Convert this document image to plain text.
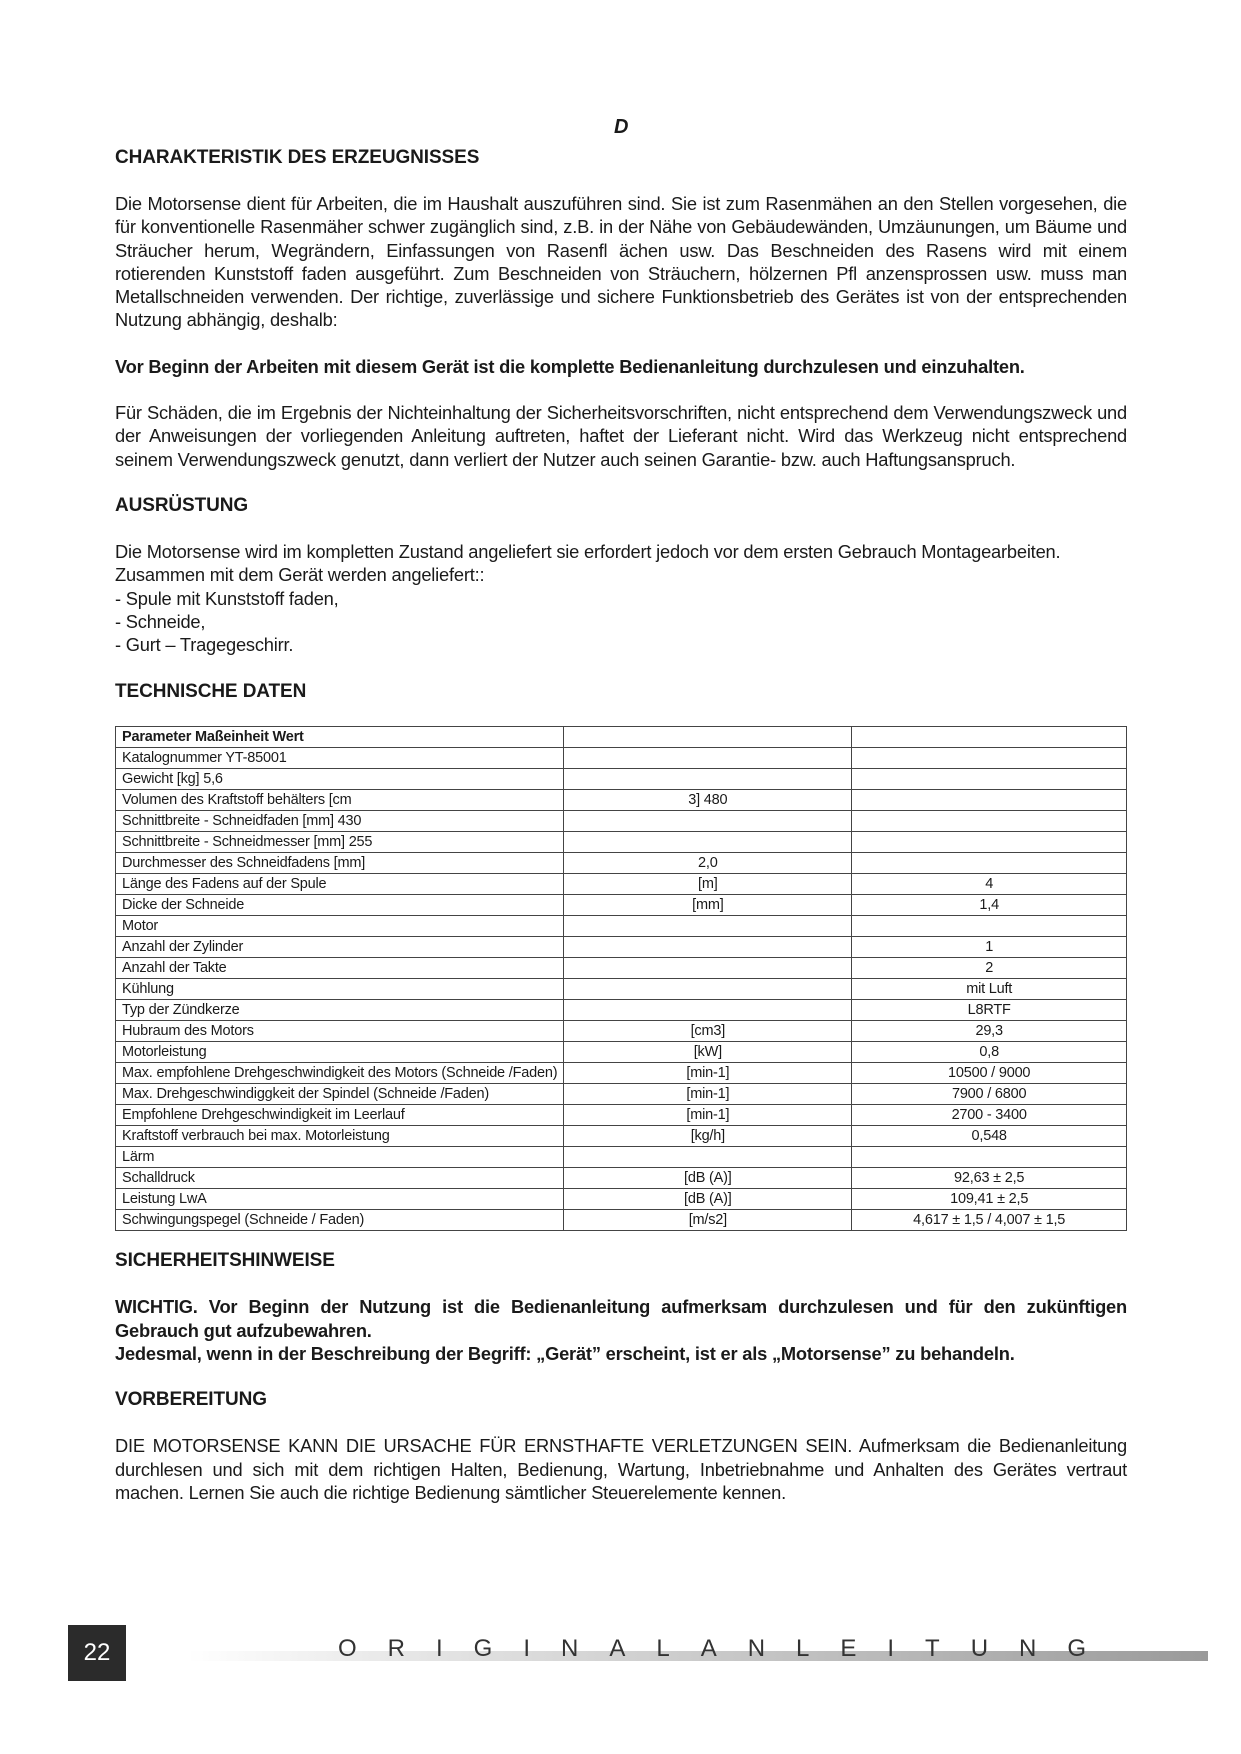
D
CHARAKTERISTIK DES ERZEUGNISSES

Die Motorsense dient für Arbeiten, die im Haushalt auszuführen sind. Sie ist zum Rasenmähen an den Stellen vorgesehen, die für konventionelle Rasenmäher schwer zugänglich sind, z.B. in der Nähe von Gebäudewänden, Umzäunungen, um Bäume und Sträucher herum, Wegrändern, Einfassungen von Rasenfl ächen usw. Das Beschneiden des Rasens wird mit einem rotierenden Kunststoff faden ausgeführt. Zum Beschneiden von Sträuchern, hölzernen Pfl anzensprossen usw. muss man Metallschneiden verwenden. Der richtige, zuverlässige und sichere Funktionsbetrieb des Gerätes ist von der entsprechenden Nutzung abhängig, deshalb:

Vor Beginn der Arbeiten mit diesem Gerät ist die komplette Bedienanleitung durchzulesen und einzuhalten.

Für Schäden, die im Ergebnis der Nichteinhaltung der Sicherheitsvorschriften, nicht entsprechend dem Verwendungszweck und der Anweisungen der vorliegenden Anleitung auftreten, haftet der Lieferant nicht. Wird das Werkzeug nicht entsprechend seinem Verwendungszweck genutzt, dann verliert der Nutzer auch seinen Garantie- bzw. auch Haftungsanspruch.

AUSRÜSTUNG
Die Motorsense wird im kompletten Zustand angeliefert sie erfordert jedoch vor dem ersten Gebrauch Montagearbeiten.
Zusammen mit dem Gerät werden angeliefert::
- Spule mit Kunststoff faden,
- Schneide,
- Gurt – Tragegeschirr.
TECHNISCHE DATEN
Parameter Maßeinheit Wert		
Katalognummer YT-85001		
Gewicht [kg] 5,6		
Volumen des Kraftstoff behälters [cm	3] 480	
Schnittbreite - Schneidfaden [mm] 430		
Schnittbreite - Schneidmesser [mm] 255		
Durchmesser des Schneidfadens [mm]	2,0	
Länge des Fadens auf der Spule	[m]	4
Dicke der Schneide	[mm]	1,4
Motor		
Anzahl der Zylinder		1
Anzahl der Takte		2
Kühlung		mit Luft
Typ der Zündkerze		L8RTF
Hubraum des Motors	[cm3]	29,3
Motorleistung	[kW]	0,8
Max. empfohlene Drehgeschwindigkeit des Motors (Schneide /Faden)	[min-1]	10500 / 9000
Max. Drehgeschwindiggkeit der Spindel (Schneide /Faden)	[min-1]	7900 / 6800
Empfohlene Drehgeschwindigkeit im Leerlauf	[min-1]	2700 - 3400
Kraftstoff verbrauch bei max. Motorleistung	[kg/h]	0,548
Lärm		
Schalldruck	[dB (A)]	92,63 ± 2,5
Leistung LwA	[dB (A)]	109,41 ± 2,5
Schwingungspegel (Schneide / Faden)	[m/s2]	4,617 ± 1,5 / 4,007 ± 1,5
SICHERHEITSHINWEISE

WICHTIG. Vor Beginn der Nutzung ist die Bedienanleitung aufmerksam durchzulesen und für den zukünftigen Gebrauch gut aufzubewahren.

Jedesmal, wenn in der Beschreibung der Begriff: „Gerät” erscheint, ist er als „Motorsense” zu behandeln.

VORBEREITUNG

DIE MOTORSENSE KANN DIE URSACHE FÜR ERNSTHAFTE VERLETZUNGEN SEIN. Aufmerksam die Bedienanleitung durchlesen und sich mit dem richtigen Halten, Bedienung, Wartung, Inbetriebnahme und Anhalten des Gerätes vertraut machen. Lernen Sie auch die richtige Bedienung sämtlicher Steuerelemente kennen.

22	ORIGINALANLEITUNG
